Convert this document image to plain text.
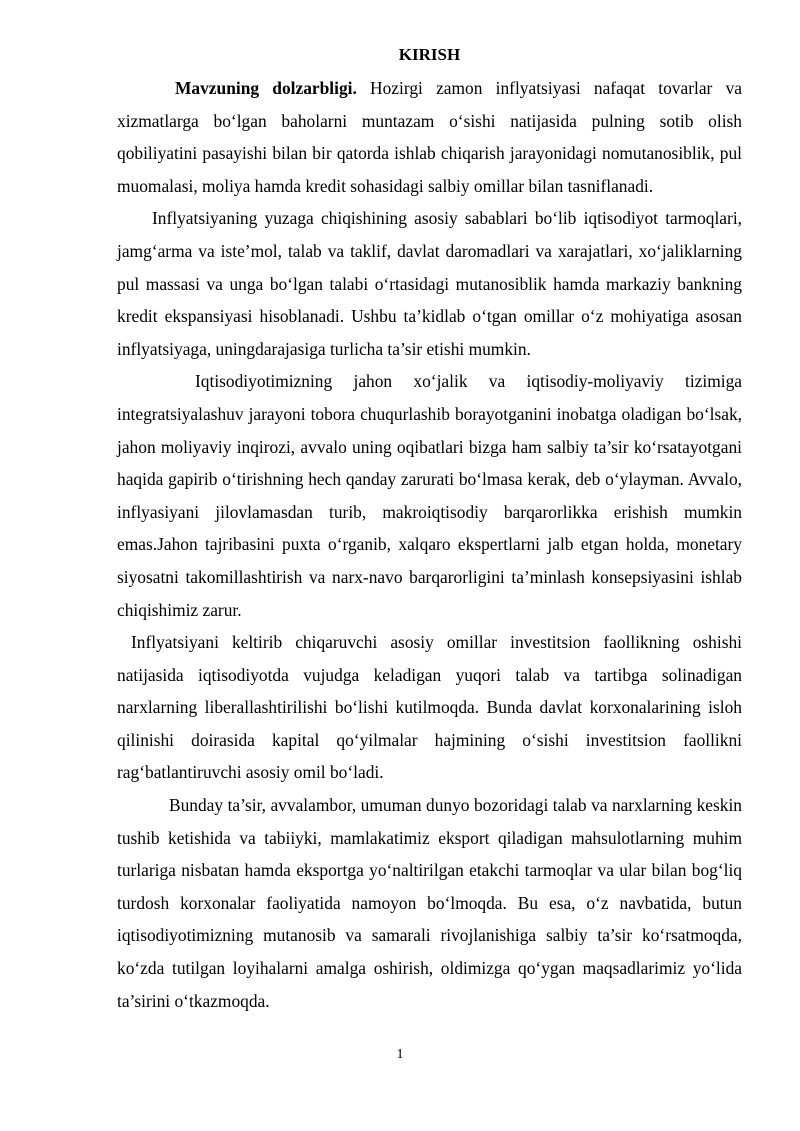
KIRISH

Mavzuning dolzarbligi. Hozirgi zamon inflyatsiyasi nafaqat tovarlar va xizmatlarga bo‘lgan baholarni muntazam o‘sishi natijasida pulning sotib olish qobiliyatini pasayishi bilan bir qatorda ishlab chiqarish jarayonidagi nomutanosiblik, pul muomalasi, moliya hamda kredit sohasidagi salbiy omillar bilan tasniflanadi.

Inflyatsiyaning yuzaga chiqishining asosiy sabablari bo‘lib iqtisodiyot tarmoqlari, jamg‘arma va iste’mol, talab va taklif, davlat daromadlari va xarajatlari, xo‘jaliklarning pul massasi va unga bo‘lgan talabi o‘rtasidagi mutanosiblik hamda markaziy bankning kredit ekspansiyasi hisoblanadi. Ushbu ta’kidlab o‘tgan omillar o‘z mohiyatiga asosan inflyatsiyaga, uningdarajasiga turlicha ta’sir etishi mumkin.

Iqtisodiyotimizning jahon xo‘jalik va iqtisodiy-moliyaviy tizimiga integratsiyalashuv jarayoni tobora chuqurlashib borayotganini inobatga oladigan bo‘lsak, jahon moliyaviy inqirozi, avvalo uning oqibatlari bizga ham salbiy ta’sir ko‘rsatayotgani haqida gapirib o‘tirishning hech qanday zarurati bo‘lmasa kerak, deb o‘ylayman. Avvalo, inflyasiyani jilovlamasdan turib, makroiqtisodiy barqarorlikka erishish mumkin emas.Jahon tajribasini puxta o‘rganib, xalqaro ekspertlarni jalb etgan holda, monetary siyosatni takomillashtirish va narx-navo barqarorligini ta’minlash konsepsiyasini ishlab chiqishimiz zarur.

Inflyatsiyani keltirib chiqaruvchi asosiy omillar investitsion faollikning oshishi natijasida iqtisodiyotda vujudga keladigan yuqori talab va tartibga solinadigan narxlarning liberallashtirilishi bo‘lishi kutilmoqda. Bunda davlat korxonalarining isloh qilinishi doirasida kapital qo‘yilmalar hajmining o‘sishi investitsion faollikni rag‘batlantiruvchi asosiy omil bo‘ladi.

Bunday ta’sir, avvalambor, umuman dunyo bozoridagi talab va narxlarning keskin tushib ketishida va tabiiyki, mamlakatimiz eksport qiladigan mahsulotlarning muhim turlariga nisbatan hamda eksportga yo‘naltirilgan etakchi tarmoqlar va ular bilan bog‘liq turdosh korxonalar faoliyatida namoyon bo‘lmoqda. Bu esa, o‘z navbatida, butun iqtisodiyotimizning mutanosib va samarali rivojlanishiga salbiy ta’sir ko‘rsatmoqda, ko‘zda tutilgan loyihalarni amalga oshirish, oldimizga qo‘ygan maqsadlarimiz yo‘lida ta’sirini o‘tkazmoqda.

1
